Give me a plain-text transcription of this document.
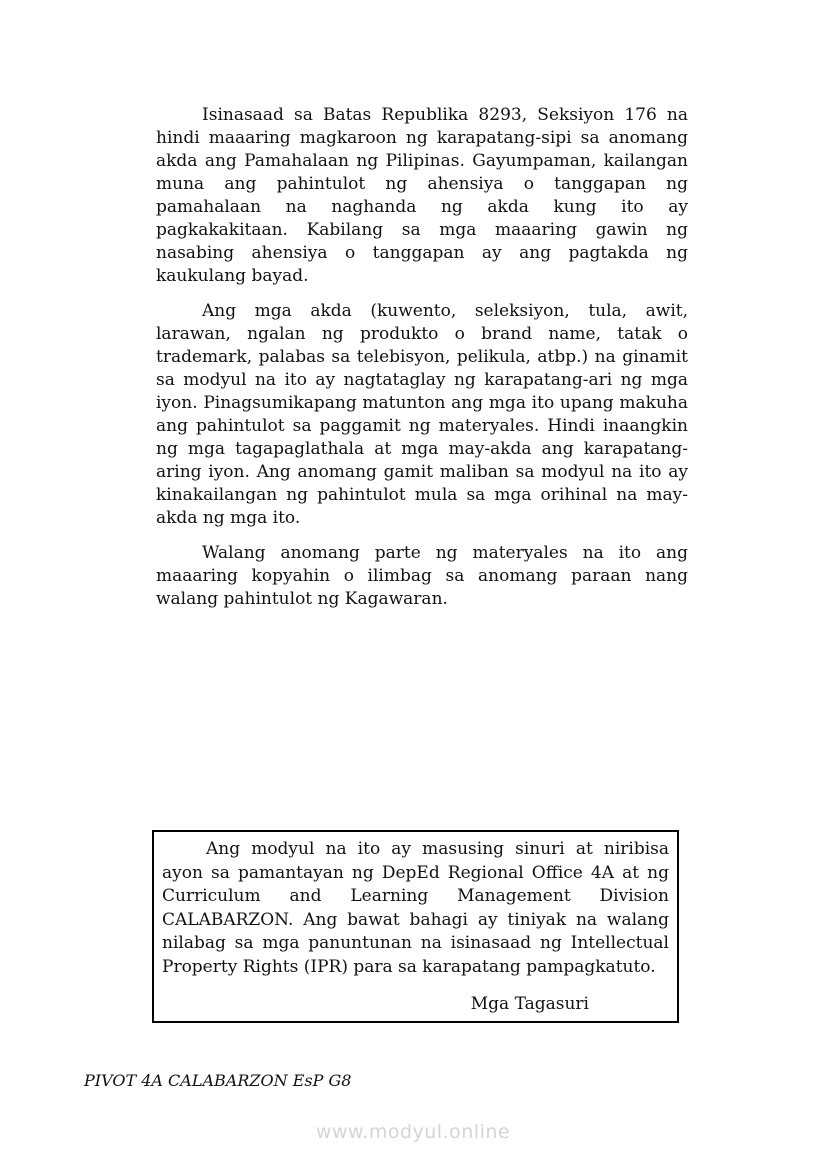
Isinasaad sa Batas Republika 8293, Seksiyon 176 na hindi maaaring magkaroon ng karapatang-sipi sa anomang akda ang Pamahalaan ng Pilipinas. Gayumpaman, kailangan muna ang pahintulot ng ahensiya o tanggapan ng pamahalaan na naghanda ng akda kung ito ay pagkakakitaan. Kabilang sa mga maaaring gawin ng nasabing ahensiya o tanggapan ay ang pagtakda ng kaukulang bayad.

Ang mga akda (kuwento, seleksiyon, tula, awit, larawan, ngalan ng produkto o brand name, tatak o trademark, palabas sa telebisyon, pelikula, atbp.) na ginamit sa modyul na ito ay nagtataglay ng karapatang-ari ng mga iyon. Pinagsumikapang matunton ang mga ito upang makuha ang pahintulot sa paggamit ng materyales. Hindi inaangkin ng mga tagapaglathala at mga may-akda ang karapatang-aring iyon. Ang anomang gamit maliban sa modyul na ito ay kinakailangan ng pahintulot mula sa mga orihinal na may-akda ng mga ito.

Walang anomang parte ng materyales na ito ang maaaring kopyahin o ilimbag sa anomang paraan nang walang pahintulot ng Kagawaran.

Ang modyul na ito ay masusing sinuri at niribisa ayon sa pamantayan ng DepEd Regional Office 4A at ng Curriculum and Learning Management Division CALABARZON. Ang bawat bahagi ay tiniyak na walang nilabag sa mga panuntunan na isinasaad ng Intellectual Property Rights (IPR) para sa karapatang pampagkatuto.

Mga Tagasuri

PIVOT 4A CALABARZON EsP G8
www.modyul.online
